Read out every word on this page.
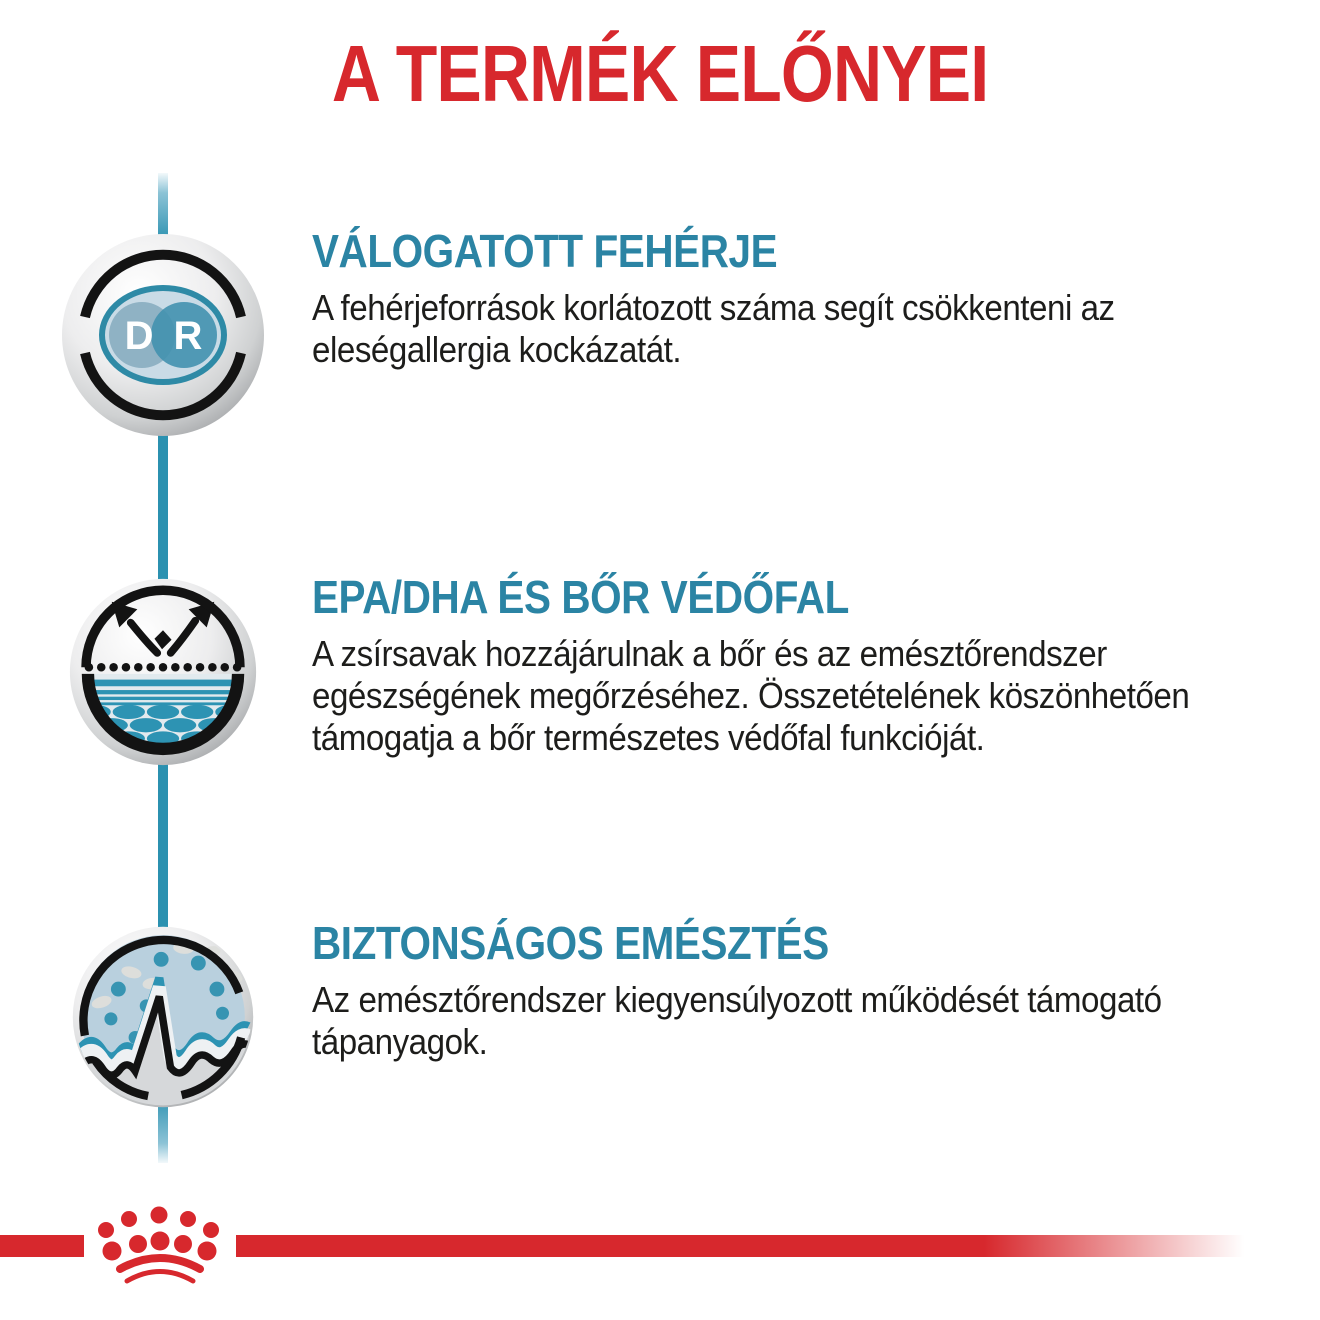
A TERMÉK ELŐNYEI
D R
VÁLOGATOTT FEHÉRJE

A fehérjeforrások korlátozott száma segít csökkenteni az eleségallergia kockázatát.

EPA/DHA ÉS BŐR VÉDŐFAL

A zsírsavak hozzájárulnak a bőr és az emésztőrendszer egészségének megőrzéséhez. Összetételének köszönhetően támogatja a bőr természetes védőfal funkcióját.

BIZTONSÁGOS EMÉSZTÉS

Az emésztőrendszer kiegyensúlyozott működését támogató tápanyagok.
